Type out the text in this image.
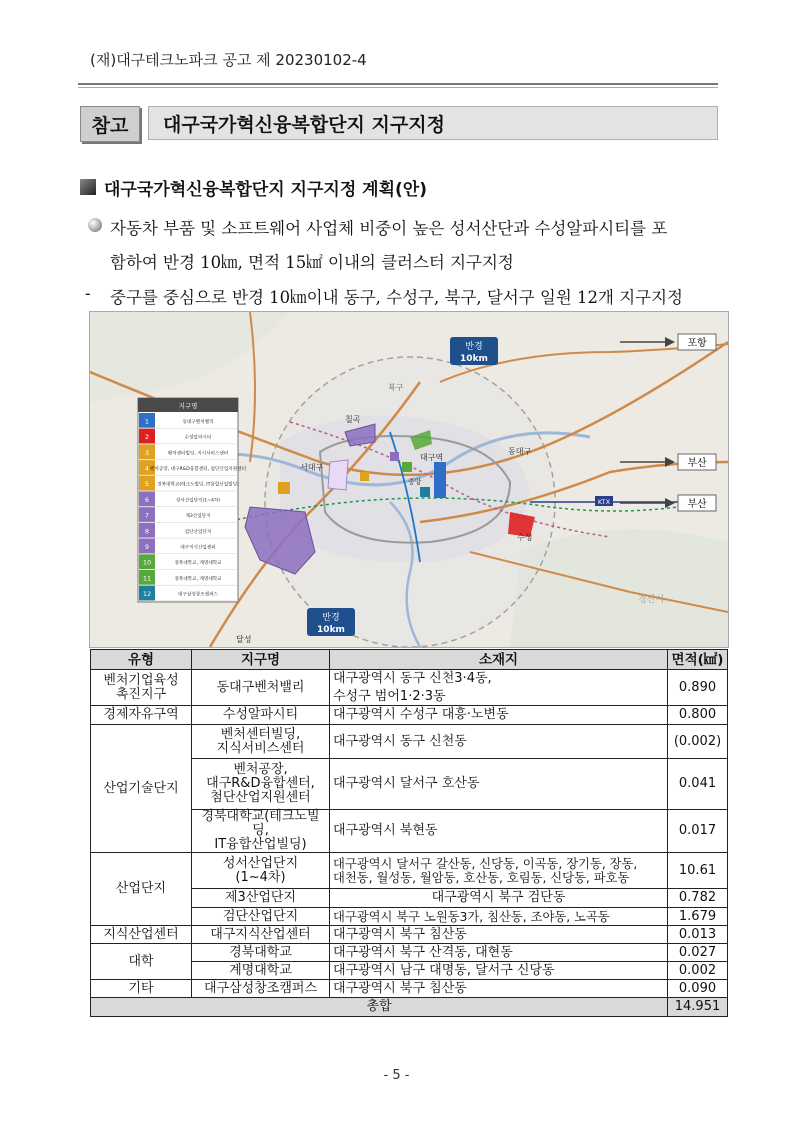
(재)대구테크노파크 공고 제 20230102-4
참고	대구국가혁신융복합단지 지구지정
대구국가혁신융복합단지 지구지정 계획(안)
자동차 부품 및 소프트웨어 사업체 비중이 높은 성서산단과 수성알파시티를 포
함하여 반경 10㎞, 면적 15㎢ 이내의 클러스터 지구지정
- 중구를 중심으로 반경 10㎞이내 동구, 수성구, 북구, 달서구 일원 12개 지구지정
반경
10km
반경
10km
포항
부산
부산
북구
동대구
서대구
수성
경산시
달성
칠곡
대구역
중앙
KTX
지구명
1	동대구벤처밸리
2	수성알파시티
3	벤처센터빌딩, 지식서비스센터
4 벤처공장, 대구R&D융합센터, 첨단산업지원센터
5 경북대학교(테크노빌딩, IT융합산업빌딩)
6	성서산업단지(1~4차)
7	제3산업단지
8	검단산업단지
9	대구지식산업센터
10	경북대학교, 계명대학교
11	경북대학교, 계명대학교
12	대구삼성창조캠퍼스
유형	지구명	소재지	면적(㎢)
벤처기업육성
촉진지구	동대구벤처밸리	대구광역시 동구 신천3·4동,
수성구 범어1·2·3동	0.890
경제자유구역	수성알파시티	대구광역시 수성구 대흥·노변동	0.800
산업기술단지	벤처센터빌딩,
지식서비스센터	대구광역시 동구 신천동	(0.002)
	벤처공장,
대구R&D융합센터,
첨단산업지원센터	대구광역시 달서구 호산동	0.041
	경북대학교(테크노빌딩,
IT융합산업빌딩)	대구광역시 북현동	0.017
산업단지	성서산업단지
(1~4차)	대구광역시 달서구 갈산동, 신당동, 이곡동, 장기동, 장동,
대천동, 월성동, 월암동, 호산동, 호림동, 신당동, 파호동	10.61
	제3산업단지	대구광역시 북구 검단동	0.782
	검단산업단지	대구광역시 북구 노원동3가, 침산동, 조야동, 노곡동	1.679
지식산업센터	대구지식산업센터	대구광역시 북구 침산동	0.013
대학	경북대학교	대구광역시 북구 산격동, 대현동	0.027
	계명대학교	대구광역시 남구 대명동, 달서구 신당동	0.002
기타	대구삼성창조캠퍼스	대구광역시 북구 침산동	0.090
총합			14.951
- 5 -
